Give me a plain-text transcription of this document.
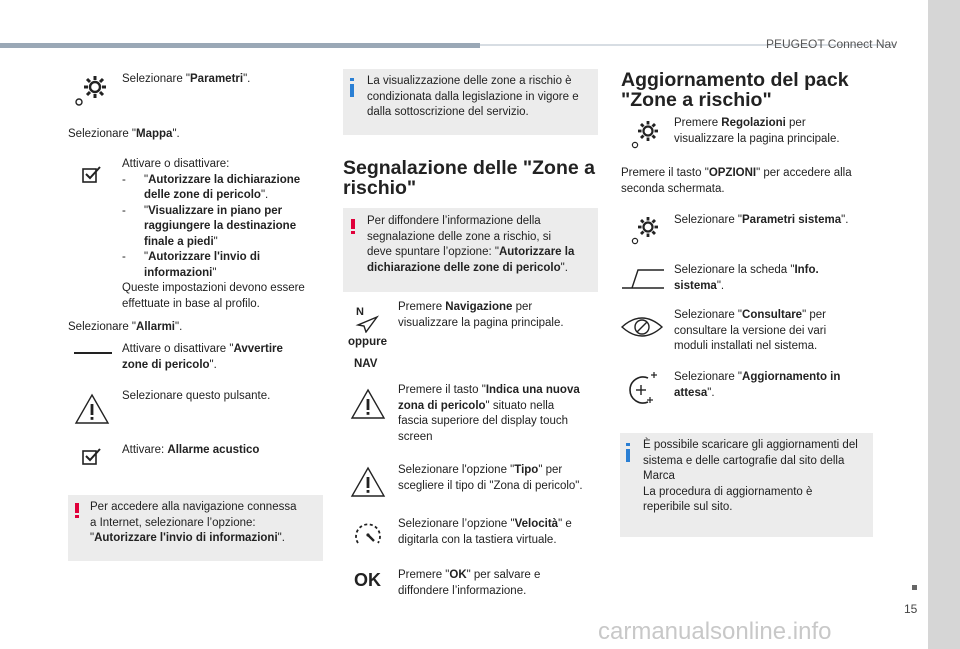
PEUGEOT Connect Nav
15
carmanualsonline.info
Selezionare "Parametri".
Selezionare "Mappa".
Attivare o disattivare:
- "Autorizzare la dichiarazione
delle zone di pericolo".
- "Visualizzare in piano per
raggiungere la destinazione
finale a piedi"
- "Autorizzare l'invio di
informazioni"
Queste impostazioni devono essere
effettuate in base al profilo.
Selezionare "Allarmi".
Attivare o disattivare "Avvertire
zone di pericolo".
Selezionare questo pulsante.
Attivare: Allarme acustico
Per accedere alla navigazione connessa
a Internet, selezionare l’opzione:
"Autorizzare l'invio di informazioni".
La visualizzazione delle zone a rischio è
condizionata dalla legislazione in vigore e
dalla sottoscrizione del servizio.
Segnalazione delle "Zone a
rischio"
Per diffondere l’informazione della
segnalazione delle zone a rischio, si
deve spuntare l’opzione: "Autorizzare la
dichiarazione delle zone di pericolo".
N
oppure
NAV
Premere Navigazione per
visualizzare la pagina principale.
Premere il tasto "Indica una nuova
zona di pericolo" situato nella
fascia superiore del display touch
screen
Selezionare l'opzione "Tipo" per
scegliere il tipo di "Zona di pericolo".
Selezionare l’opzione "Velocità" e
digitarla con la tastiera virtuale.
OK Premere "OK" per salvare e
diffondere l’informazione.
Aggiornamento del pack
"Zone a rischio"
Premere Regolazioni per
visualizzare la pagina principale.
Premere il tasto "OPZIONI" per accedere alla
seconda schermata.
Selezionare "Parametri sistema".
Selezionare la scheda "Info.
sistema".
Selezionare "Consultare" per
consultare la versione dei vari
moduli installati nel sistema.
Selezionare "Aggiornamento in
attesa".
È possibile scaricare gli aggiornamenti del
sistema e delle cartografie dal sito della
Marca
La procedura di aggiornamento è
reperibile sul sito.
